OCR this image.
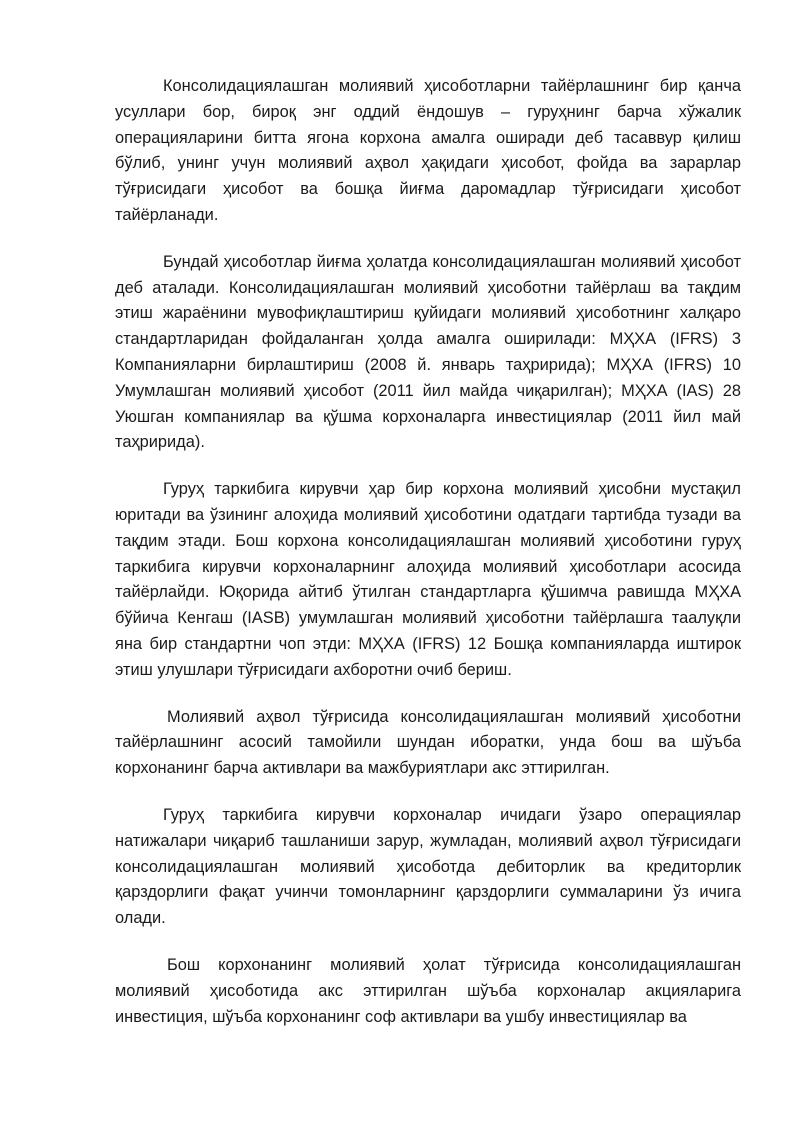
Консолидациялашган молиявий ҳисоботларни тайёрлашнинг бир қанча усуллари бор, бироқ энг оддий ёндошув – гуруҳнинг барча хўжалик операцияларини битта ягона корхона амалга оширади деб тасаввур қилиш бўлиб, унинг учун молиявий аҳвол ҳақидаги ҳисобот, фойда ва зарарлар тўғрисидаги ҳисобот ва бошқа йиғма даромадлар тўғрисидаги ҳисобот тайёрланади.

Бундай ҳисоботлар йиғма ҳолатда консолидациялашган молиявий ҳисобот деб аталади. Консолидациялашган молиявий ҳисоботни тайёрлаш ва тақдим этиш жараёнини мувофиқлаштириш қуйидаги молиявий ҳисоботнинг халқаро стандартларидан фойдаланган ҳолда амалга оширилади: МҲХА (IFRS) 3 Компанияларни бирлаштириш (2008 й. январь таҳририда); МҲХА (IFRS) 10 Умумлашган молиявий ҳисобот (2011 йил майда чиқарилган); МҲХА (IAS) 28 Уюшган компаниялар ва қўшма корхоналарга инвестициялар (2011 йил май таҳририда).

Гуруҳ таркибига кирувчи ҳар бир корхона молиявий ҳисобни мустақил юритади ва ўзининг алоҳида молиявий ҳисоботини одатдаги тартибда тузади ва тақдим этади. Бош корхона консолидациялашган молиявий ҳисоботини гуруҳ таркибига кирувчи корхоналарнинг алоҳида молиявий ҳисоботлари асосида тайёрлайди. Юқорида айтиб ўтилган стандартларга қўшимча равишда МҲХА бўйича Кенгаш (IASB) умумлашган молиявий ҳисоботни тайёрлашга таалуқли яна бир стандартни чоп этди: МҲХА (IFRS) 12 Бошқа компанияларда иштирок этиш улушлари тўғрисидаги ахборотни очиб бериш.

Молиявий аҳвол тўғрисида консолидациялашган молиявий ҳисоботни тайёрлашнинг асосий тамойили шундан иборатки, унда бош ва шўъба корхонанинг барча активлари ва мажбуриятлари акс эттирилган.

Гуруҳ таркибига кирувчи корхоналар ичидаги ўзаро операциялар натижалари чиқариб ташланиши зарур, жумладан, молиявий аҳвол тўғрисидаги консолидациялашган молиявий ҳисоботда дебиторлик ва кредиторлик қарздорлиги фақат учинчи томонларнинг қарздорлиги суммаларини ўз ичига олади.

Бош корхонанинг молиявий ҳолат тўғрисида консолидациялашган молиявий ҳисоботида акс эттирилган шўъба корхоналар акцияларига инвестиция, шўъба корхонанинг соф активлари ва ушбу инвестициялар ва
